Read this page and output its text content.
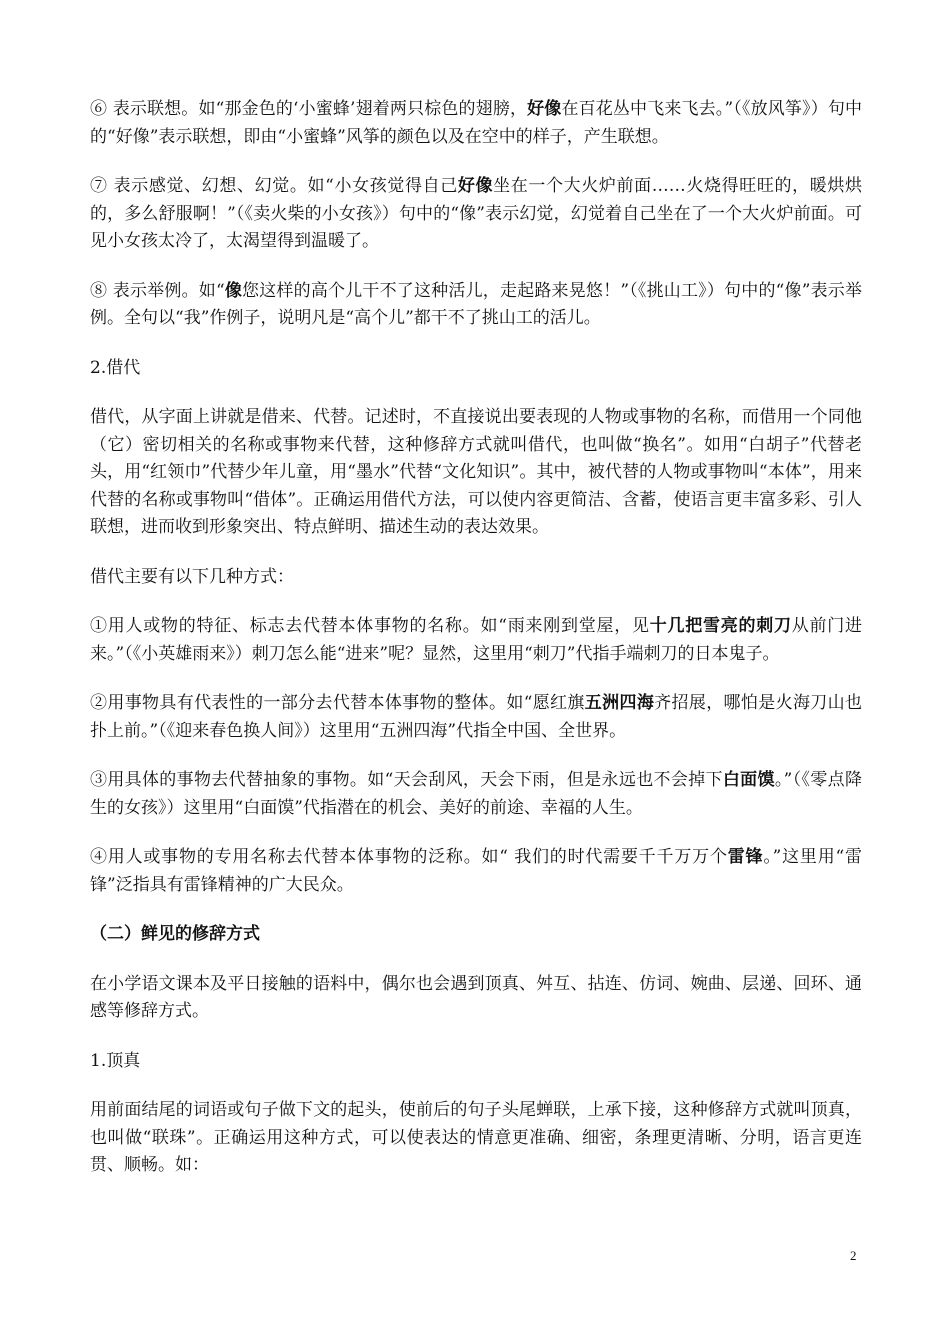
⑥ 表示联想。如“那金色的‘小蜜蜂’翅着两只棕色的翅膀，好像在百花丛中飞来飞去。”（《放风筝》）句中的“好像”表示联想，即由“小蜜蜂”风筝的颜色以及在空中的样子，产生联想。

⑦ 表示感觉、幻想、幻觉。如“小女孩觉得自己好像坐在一个大火炉前面……火烧得旺旺的，暖烘烘的，多么舒服啊！”（《卖火柴的小女孩》）句中的“像”表示幻觉，幻觉着自己坐在了一个大火炉前面。可见小女孩太冷了，太渴望得到温暖了。

⑧ 表示举例。如“像您这样的高个儿干不了这种活儿，走起路来晃悠！”（《挑山工》）句中的“像”表示举例。全句以“我”作例子，说明凡是“高个儿”都干不了挑山工的活儿。

2.借代

借代，从字面上讲就是借来、代替。记述时，不直接说出要表现的人物或事物的名称，而借用一个同他（它）密切相关的名称或事物来代替，这种修辞方式就叫借代，也叫做“换名”。如用“白胡子”代替老头，用“红领巾”代替少年儿童，用“墨水”代替“文化知识”。其中，被代替的人物或事物叫“本体”，用来代替的名称或事物叫“借体”。正确运用借代方法，可以使内容更简洁、含蓄，使语言更丰富多彩、引人联想，进而收到形象突出、特点鲜明、描述生动的表达效果。

借代主要有以下几种方式：

①用人或物的特征、标志去代替本体事物的名称。如“雨来刚到堂屋，见十几把雪亮的刺刀从前门进来。”（《小英雄雨来》）刺刀怎么能“进来”呢？显然，这里用“刺刀”代指手端刺刀的日本鬼子。

②用事物具有代表性的一部分去代替本体事物的整体。如“愿红旗五洲四海齐招展，哪怕是火海刀山也扑上前。”（《迎来春色换人间》）这里用“五洲四海”代指全中国、全世界。

③用具体的事物去代替抽象的事物。如“天会刮风，天会下雨，但是永远也不会掉下白面馍。”（《零点降生的女孩》）这里用“白面馍”代指潜在的机会、美好的前途、幸福的人生。

④用人或事物的专用名称去代替本体事物的泛称。如“ 我们的时代需要千千万万个雷锋。”这里用“雷锋”泛指具有雷锋精神的广大民众。

（二）鲜见的修辞方式

在小学语文课本及平日接触的语料中，偶尔也会遇到顶真、舛互、拈连、仿词、婉曲、层递、回环、通感等修辞方式。

1.顶真

用前面结尾的词语或句子做下文的起头，使前后的句子头尾蝉联，上承下接，这种修辞方式就叫顶真，也叫做“联珠”。正确运用这种方式，可以使表达的情意更准确、细密，条理更清晰、分明，语言更连贯、顺畅。如：

2
